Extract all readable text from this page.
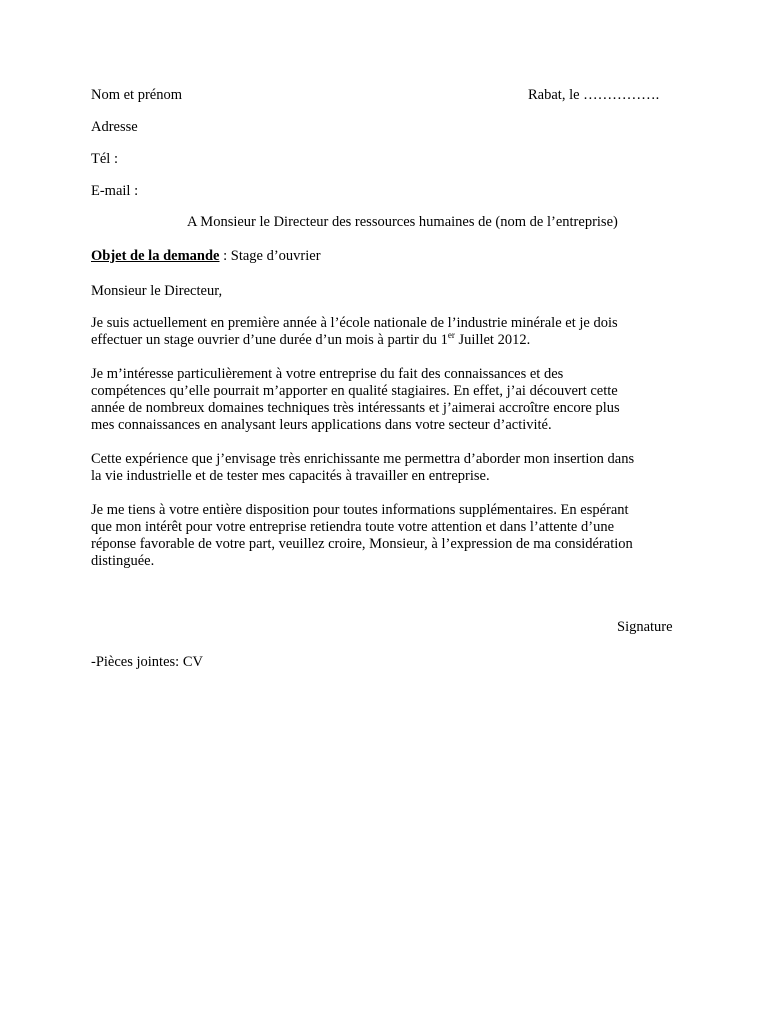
Nom et prénom	Rabat, le …………….
Adresse
Tél :
E-mail :
A Monsieur le Directeur des ressources humaines de (nom de l’entreprise)
Objet de la demande : Stage d’ouvrier
Monsieur le Directeur,
Je suis actuellement en première année à l’école nationale de l’industrie minérale et je dois
effectuer un stage ouvrier d’une durée d’un mois à partir du 1er Juillet 2012.
Je m’intéresse particulièrement à votre entreprise du fait des connaissances et des
compétences qu’elle pourrait m’apporter en qualité stagiaires. En effet, j’ai découvert cette
année de nombreux domaines techniques très intéressants et j’aimerai accroître encore plus
mes connaissances en analysant leurs applications dans votre secteur d’activité.
Cette expérience que j’envisage très enrichissante me permettra d’aborder mon insertion dans
la vie industrielle et de tester mes capacités à travailler en entreprise.
Je me tiens à votre entière disposition pour toutes informations supplémentaires. En espérant
que mon intérêt pour votre entreprise retiendra toute votre attention et dans l’attente d’une
réponse favorable de votre part, veuillez croire, Monsieur, à l’expression de ma considération
distinguée.
Signature
-Pièces jointes: CV
